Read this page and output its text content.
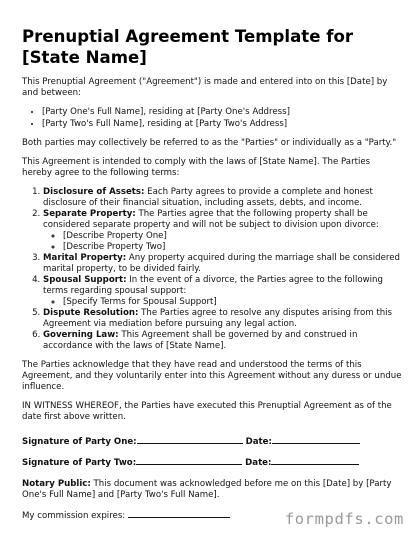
Prenuptial Agreement Template for [State Name]

This Prenuptial Agreement ("Agreement") is made and entered into on this [Date] by and between:

• [Party One's Full Name], residing at [Party One's Address]
• [Party Two's Full Name], residing at [Party Two's Address]

Both parties may collectively be referred to as the "Parties" or individually as a "Party."

This Agreement is intended to comply with the laws of [State Name]. The Parties hereby agree to the following terms:

1. Disclosure of Assets: Each Party agrees to provide a complete and honest disclosure of their financial situation, including assets, debts, and income.
2. Separate Property: The Parties agree that the following property shall be considered separate property and will not be subject to division upon divorce:
◦ [Describe Property One]
◦ [Describe Property Two]
3. Marital Property: Any property acquired during the marriage shall be considered marital property, to be divided fairly.
4. Spousal Support: In the event of a divorce, the Parties agree to the following terms regarding spousal support:
◦ [Specify Terms for Spousal Support]
5. Dispute Resolution: The Parties agree to resolve any disputes arising from this Agreement via mediation before pursuing any legal action.
6. Governing Law: This Agreement shall be governed by and construed in accordance with the laws of [State Name].

The Parties acknowledge that they have read and understood the terms of this Agreement, and they voluntarily enter into this Agreement without any duress or undue influence.

IN WITNESS WHEREOF, the Parties have executed this Prenuptial Agreement as of the date first above written.

Signature of Party One:	Date:
Signature of Party Two:	Date:

Notary Public: This document was acknowledged before me on this [Date] by [Party One's Full Name] and [Party Two's Full Name].

My commission expires:	formpdfs.com
